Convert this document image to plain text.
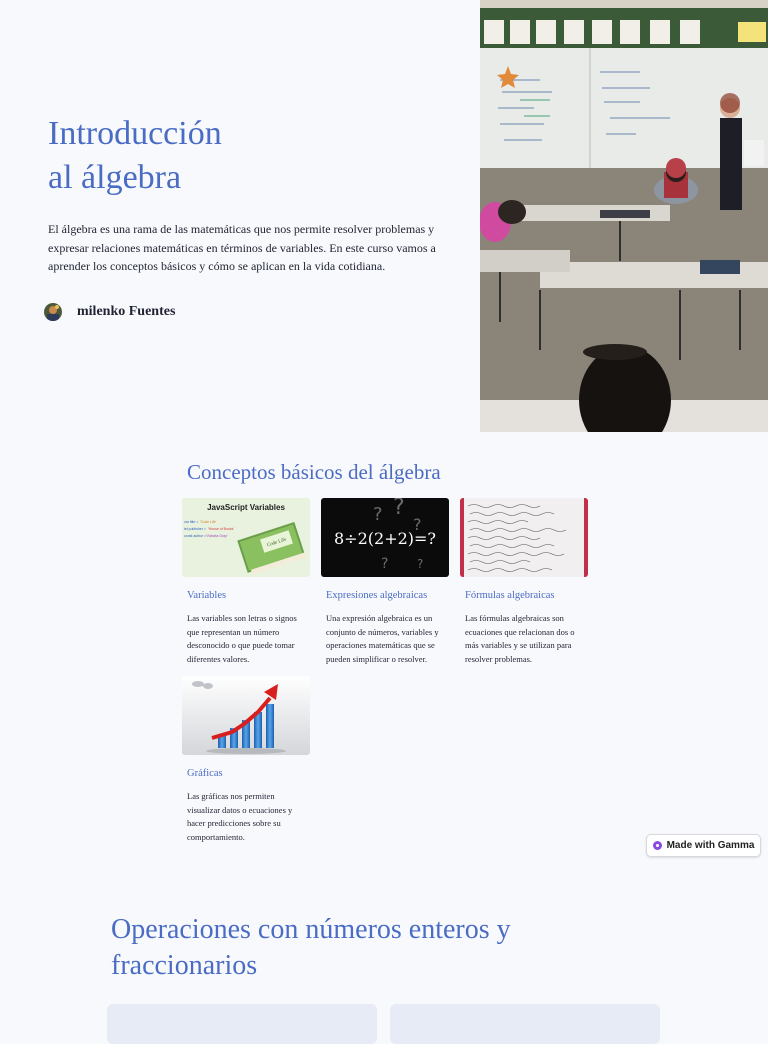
Introducción
al álgebra

El álgebra es una rama de las matemáticas que nos permite resolver problemas y expresar relaciones matemáticas en términos de variables. En este curso vamos a aprender los conceptos básicos y cómo se aplican en la vida cotidiana.

milenko Fuentes
Conceptos básicos del álgebra
JavaScript Variables
var title = 'Code Life'
let publisher = 'House of Books'
const author = 'Victoria Gray'
Code Life
Variables

Las variables son letras o signos que representan un número desconocido o que puede tomar diferentes valores.

? ?
?
? ?
8÷2(2+2)=?
Expresiones algebraicas

Una expresión algebraica es un conjunto de números, variables y operaciones matemáticas que se pueden simplificar o resolver.

Fórmulas algebraicas

Las fórmulas algebraicas son ecuaciones que relacionan dos o más variables y se utilizan para resolver problemas.

Gráficas

Las gráficas nos permiten visualizar datos o ecuaciones y hacer predicciones sobre su comportamiento.

Made with Gamma
Operaciones con números enteros y fraccionarios
